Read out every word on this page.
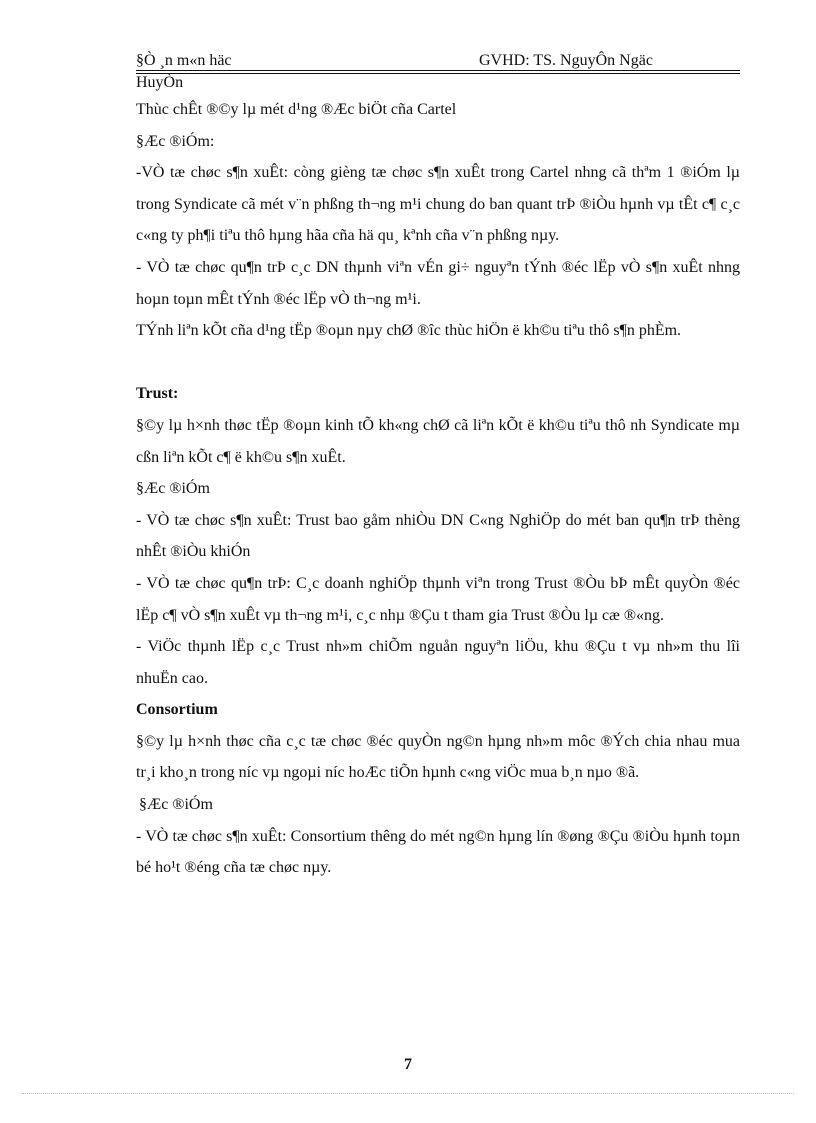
§Ò ¸n m«n häc	GVHD: TS. NguyÔn Ngäc
HuyÒn

Thùc chÊt ®©y lµ mét d¹ng ®Æc biÖt cña Cartel

§Æc ®iÓm:

-VÒ tæ chøc s¶n xuÊt: còng gièng tæ chøc s¶n xuÊt trong Cartel nhng cã thªm 1 ®iÓm lµ trong Syndicate cã mét v¨n phßng th¬ng m¹i chung do ban quant trÞ ®iÒu hµnh vµ tÊt c¶ c¸c c«ng ty ph¶i tiªu thô hµng hãa cña hä qu¸ kªnh cña v¨n phßng nµy.

- VÒ tæ chøc qu¶n trÞ c¸c DN thµnh viªn vÉn gi÷ nguyªn tÝnh ®éc lËp vÒ s¶n xuÊt nhng hoµn toµn mÊt tÝnh ®éc lËp vÒ th¬ng m¹i.

TÝnh liªn kÕt cña d¹ng tËp ®oµn nµy chØ ®îc thùc hiÖn ë kh©u tiªu thô s¶n phÈm.

Trust:

§©y lµ h×nh thøc tËp ®oµn kinh tÕ kh«ng chØ cã liªn kÕt ë kh©u tiªu thô nh Syndicate mµ cßn liªn kÕt c¶ ë kh©u s¶n xuÊt.

§Æc ®iÓm

- VÒ tæ chøc s¶n xuÊt: Trust bao gåm nhiÒu DN C«ng NghiÖp do mét ban qu¶n trÞ thèng nhÊt ®iÒu khiÓn

- VÒ tæ chøc qu¶n trÞ: C¸c doanh nghiÖp thµnh viªn trong Trust ®Òu bÞ mÊt quyÒn ®éc lËp c¶ vÒ s¶n xuÊt vµ th¬ng m¹i, c¸c nhµ ®Çu t tham gia Trust ®Òu lµ cæ ®«ng.

- ViÖc thµnh lËp c¸c Trust nh»m chiÕm nguån nguyªn liÖu, khu ®Çu t vµ nh»m thu lîi nhuËn cao.

Consortium

§©y lµ h×nh thøc cña c¸c tæ chøc ®éc quyÒn ng©n hµng nh»m môc ®Ých chia nhau mua tr¸i kho¸n trong níc vµ ngoµi níc hoÆc tiÕn hµnh c«ng viÖc mua b¸n nµo ®ã.

§Æc ®iÓm

- VÒ tæ chøc s¶n xuÊt: Consortium thêng do mét ng©n hµng lín ®øng ®Çu ®iÒu hµnh toµn bé ho¹t ®éng cña tæ chøc nµy.

7
